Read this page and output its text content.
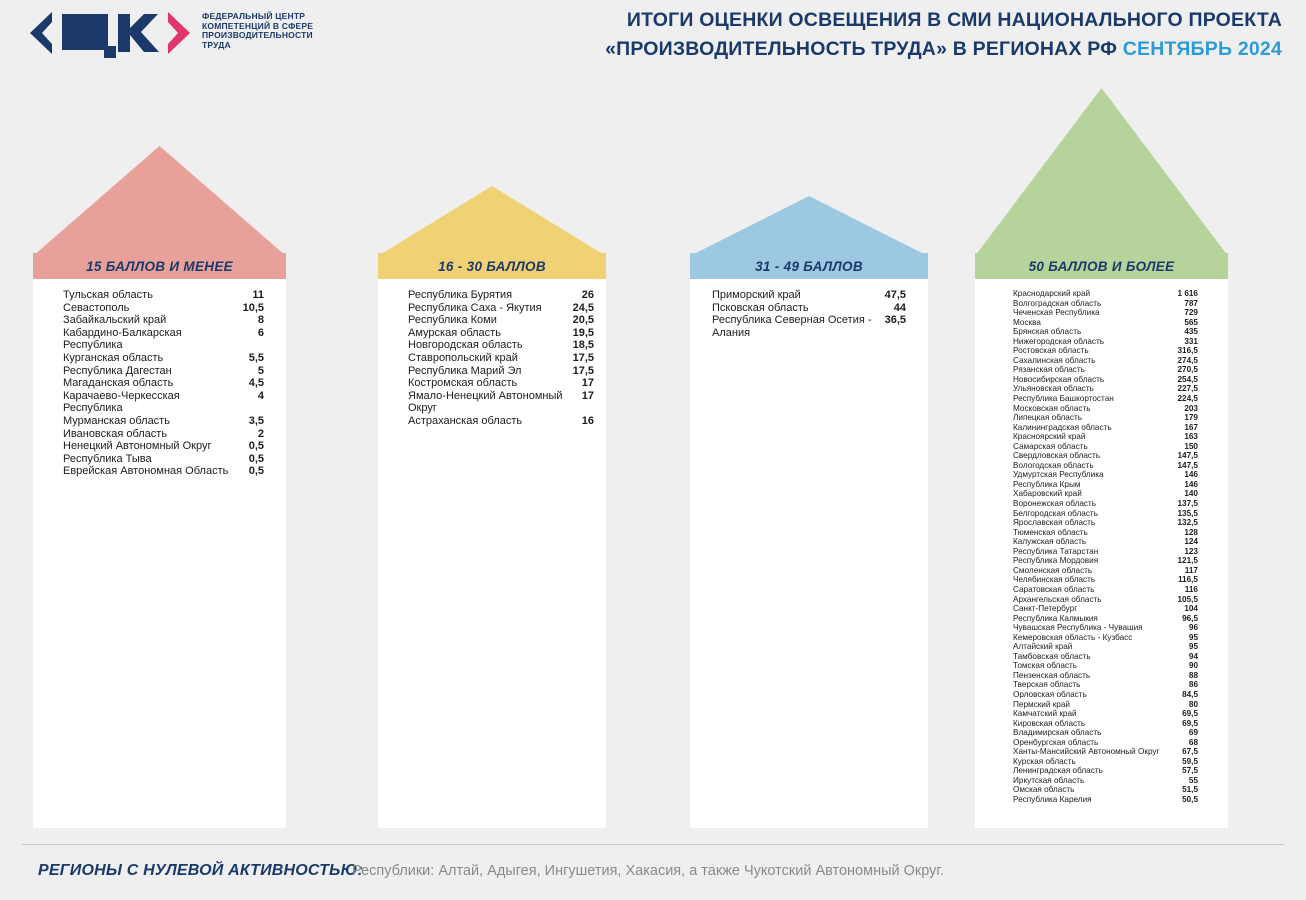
ФЕДЕРАЛЬНЫЙ ЦЕНТР КОМПЕТЕНЦИЙ В СФЕРЕ ПРОИЗВОДИТЕЛЬНОСТИ ТРУДА
ИТОГИ ОЦЕНКИ ОСВЕЩЕНИЯ В СМИ НАЦИОНАЛЬНОГО ПРОЕКТА
«ПРОИЗВОДИТЕЛЬНОСТЬ ТРУДА» В РЕГИОНАХ РФ СЕНТЯБРЬ 2024
15 БАЛЛОВ И МЕНЕЕ
Тульская область	11
Севастополь	10,5
Забайкальский край	8
Кабардино-Балкарская Республика	6
Курганская область	5,5
Республика Дагестан	5
Магаданская область	4,5
Карачаево-Черкесская Республика	4
Мурманская область	3,5
Ивановская область	2
Ненецкий Автономный Округ	0,5
Республика Тыва	0,5
Еврейская Автономная Область	0,5
16 - 30 БАЛЛОВ
Республика Бурятия	26
Республика Саха - Якутия	24,5
Республика Коми	20,5
Амурская область	19,5
Новгородская область	18,5
Ставропольский край	17,5
Республика Марий Эл	17,5
Костромская область	17
Ямало-Ненецкий Автономный Округ	17
Астраханская область	16
31 - 49 БАЛЛОВ
Приморский край	47,5
Псковская область	44
Республика Северная Осетия - Алания	36,5
50 БАЛЛОВ И БОЛЕЕ
Краснодарский край	1 616
Волгоградская область	787
Чеченская Республика	729
Москва	565
Брянская область	435
Нижегородская область	331
Ростовская область	316,5
Сахалинская область	274,5
Рязанская область	270,5
Новосибирская область	254,5
Ульяновская область	227,5
Республика Башкортостан	224,5
Московская область	203
Липецкая область	179
Калининградская область	167
Красноярский край	163
Самарская область	150
Свердловская область	147,5
Вологодская область	147,5
Удмуртская Республика	146
Республика Крым	146
Хабаровский край	140
Воронежская область	137,5
Белгородская область	135,5
Ярославская область	132,5
Тюменская область	128
Калужская область	124
Республика Татарстан	123
Республика Мордовия	121,5
Смоленская область	117
Челябинская область	116,5
Саратовская область	116
Архангельская область	105,5
Санкт-Петербург	104
Республика Калмыкия	96,5
Чувашская Республика - Чувашия	96
Кемеровская область - Кузбасс	95
Алтайский край	95
Тамбовская область	94
Томская область	90
Пензенская область	88
Тверская область	86
Орловская область	84,5
Пермский край	80
Камчатский край	69,5
Кировская область	69,5
Владимирская область	69
Оренбургская область	68
Ханты-Мансийский Автономный Округ	67,5
Курская область	59,5
Ленинградская область	57,5
Иркутская область	55
Омская область	51,5
Республика Карелия	50,5
РЕГИОНЫ С НУЛЕВОЙ АКТИВНОСТЬЮ:
Республики: Алтай, Адыгея, Ингушетия, Хакасия, а также Чукотский Автономный Округ.
